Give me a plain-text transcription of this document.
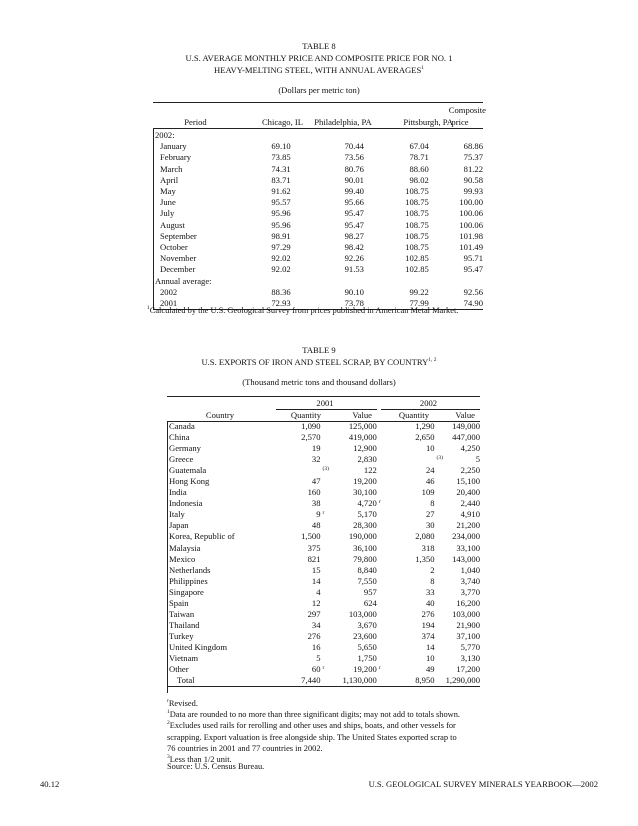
TABLE 8
U.S. AVERAGE MONTHLY PRICE AND COMPOSITE PRICE FOR NO. 1
HEAVY-MELTING STEEL, WITH ANNUAL AVERAGES$^1$
(Dollars per metric ton)
Period	Chicago, IL	Philadelphia, PA	Pittsburgh, PA
Composite
price
2002:				
January	69.10	70.44	67.04	68.86
February	73.85	73.56	78.71	75.37
March	74.31	80.76	88.60	81.22
April	83.71	90.01	98.02	90.58
May	91.62	99.40	108.75	99.93
June	95.57	95.66	108.75	100.00
July	95.96	95.47	108.75	100.06
August	95.96	95.47	108.75	100.06
September	98.91	98.27	108.75	101.98
October	97.29	98.42	108.75	101.49
November	92.02	92.26	102.85	95.71
December	92.02	91.53	102.85	95.47
Annual average:				
2002	88.36	90.10	99.22	92.56
2001	72.93	73.78	77.99	74.90
$^1$Calculated by the U.S. Geological Survey from prices published in American Metal Market.
TABLE 9
U.S. EXPORTS OF IRON AND STEEL SCRAP, BY COUNTRY$^{1, 2}$
(Thousand metric tons and thousand dollars)
2001	2002
Country	Quantity	Value	Quantity	Value
Canada	1,090		125,000		1,290		149,000
China	2,570		419,000		2,650		447,000
Germany	19		12,900		10		4,250
Greece	32		2,830			(3)	5
Guatemala		(3)	122		24		2,250
Hong Kong	47		19,200		46		15,100
India	160		30,100		109		20,400
Indonesia	38		4,720	r	8		2,440
Italy	9	r	5,170		27		4,910
Japan	48		28,300		30		21,200
Korea, Republic of	1,500		190,000		2,080		234,000
Malaysia	375		36,100		318		33,100
Mexico	821		79,800		1,350		143,000
Netherlands	15		8,840		2		1,040
Philippines	14		7,550		8		3,740
Singapore	4		957		33		3,770
Spain	12		624		40		16,200
Taiwan	297		103,000		276		103,000
Thailand	34		3,670		194		21,900
Turkey	276		23,600		374		37,100
United Kingdom	16		5,650		14		5,770
Vietnam	5		1,750		10		3,130
Other	60	r	19,200	r	49		17,200
Total	7,440		1,130,000		8,950		1,290,000
$^r$Revised.
$^1$Data are rounded to no more than three significant digits; may not add to totals shown.
$^2$Excludes used rails for rerolling and other uses and ships, boats, and other vessels for
scrapping. Export valuation is free alongside ship. The United States exported scrap to
76 countries in 2001 and 77 countries in 2002.
$^3$Less than 1/2 unit.
Source: U.S. Census Bureau.
40.12	U.S. GEOLOGICAL SURVEY MINERALS YEARBOOK—2002
